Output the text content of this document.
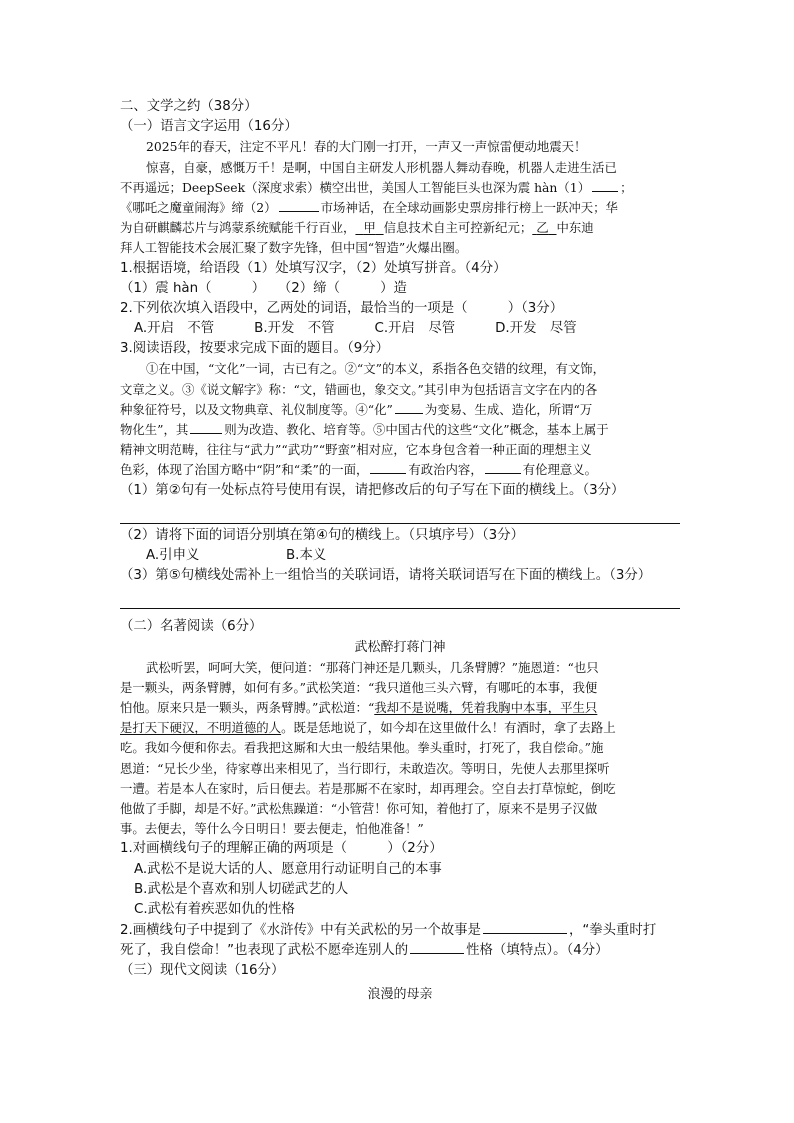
二、文学之约（38分）
（一）语言文字运用（16分）
2025年的春天，注定不平凡！春的大门刚一打开，一声又一声惊雷便动地震天！
惊喜，自豪，感慨万千！是啊，中国自主研发人形机器人舞动春晚，机器人走进生活已
不再遥远；DeepSeek（深度求索）横空出世，美国人工智能巨头也深为震 hàn（1） ；
《哪吒之魔童闹海》缔（2）	市场神话，在全球动画影史票房排行榜上一跃冲天；华
为自研麒麟芯片与鸿蒙系统赋能千行百业， 甲 信息技术自主可控新纪元； 乙 中东迪
拜人工智能技术会展汇聚了数字先锋，但中国“智造”火爆出圈。
1.根据语境，给语段（1）处填写汉字，（2）处填写拼音。（4分）
（1）震 hàn（　　　） （2）缔（　　　）造
2.下列依次填入语段中，乙两处的词语，最恰当的一项是（　　　）（3分）
A.开启　不管	B.开发　不管	C.开启　尽管	D.开发　尽管
3.阅读语段，按要求完成下面的题目。（9分）
①在中国，“文化”一词，古已有之。②“文”的本义，系指各色交错的纹理，有文饰，
文章之义。③《说文解字》称：“文，错画也，象交文。”其引申为包括语言文字在内的各
种象征符号，以及文物典章、礼仪制度等。④“化”	为变易、生成、造化，所谓“万
物化生”，其	则为改造、教化、培育等。⑤中国古代的这些“文化”概念，基本上属于
精神文明范畴，往往与“武力”“武功”“野蛮”相对应，它本身包含着一种正面的理想主义
色彩，体现了治国方略中“阴”和“柔”的一面，	有政治内容，	有伦理意义。
（1）第②句有一处标点符号使用有误，请把修改后的句子写在下面的横线上。（3分）
（2）请将下面的词语分别填在第④句的横线上。（只填序号）（3分）
A.引申义	B.本义
（3）第⑤句横线处需补上一组恰当的关联词语，请将关联词语写在下面的横线上。（3分）
（二）名著阅读（6分）
武松醉打蒋门神
武松听罢，呵呵大笑，便问道：“那蒋门神还是几颗头，几条臂膊？”施恩道：“也只
是一颗头，两条臂膊，如何有多。”武松笑道：“我只道他三头六臂，有哪吒的本事，我便
怕他。原来只是一颗头，两条臂膊。”武松道：“我却不是说嘴，凭着我胸中本事，平生只
是打天下硬汉，不明道德的人。既是恁地说了，如今却在这里做什么！有酒时，拿了去路上
吃。我如今便和你去。看我把这厮和大虫一般结果他。拳头重时，打死了，我自偿命。”施
恩道：“兄长少坐，待家尊出来相见了，当行即行，未敢造次。等明日，先使人去那里探听
一遭。若是本人在家时，后日便去。若是那厮不在家时，却再理会。空自去打草惊蛇，倒吃
他做了手脚，却是不好。”武松焦躁道：“小管营！你可知，着他打了，原来不是男子汉做
事。去便去，等什么今日明日！要去便走，怕他准备！”
1.对画横线句子的理解正确的两项是（　　　）（2分）
A.武松不是说大话的人、愿意用行动证明自己的本事
B.武松是个喜欢和别人切磋武艺的人
C.武松有着疾恶如仇的性格
2.画横线句子中提到了《水浒传》中有关武松的另一个故事是	，“拳头重时打
死了，我自偿命！”也表现了武松不愿牵连别人的	性格（填特点）。（4分）
（三）现代文阅读（16分）
浪漫的母亲
